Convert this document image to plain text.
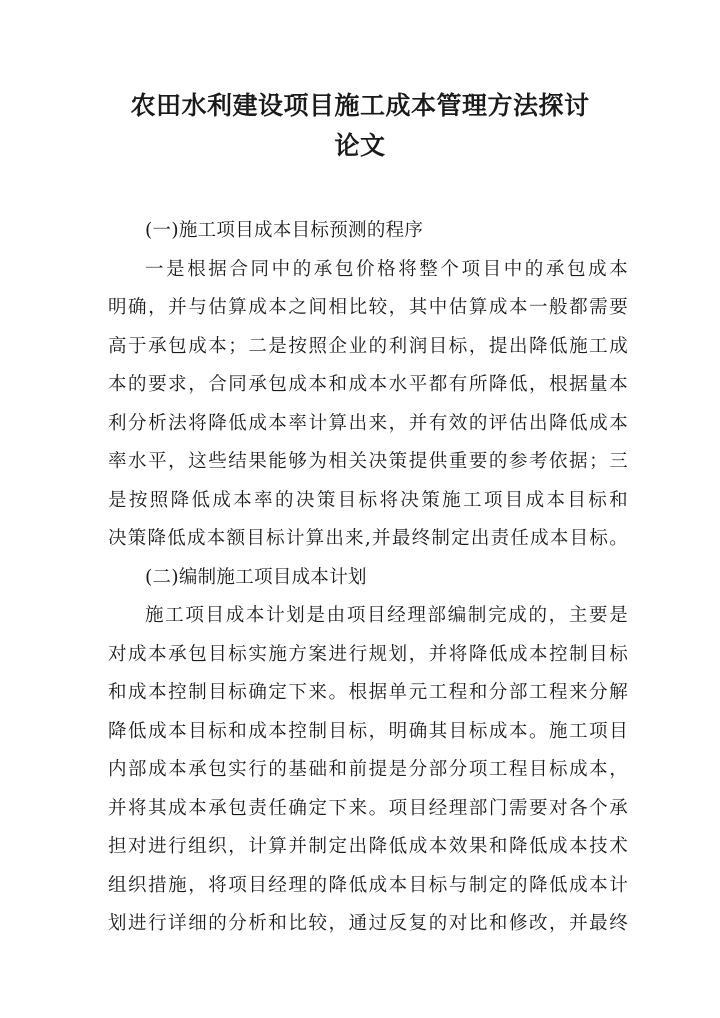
农田水利建设项目施工成本管理方法探讨
论文
(一)施工项目成本目标预测的程序
一是根据合同中的承包价格将整个项目中的承包成本
明确，并与估算成本之间相比较，其中估算成本一般都需要
高于承包成本；二是按照企业的利润目标，提出降低施工成
本的要求，合同承包成本和成本水平都有所降低，根据量本
利分析法将降低成本率计算出来，并有效的评估出降低成本
率水平，这些结果能够为相关决策提供重要的参考依据；三
是按照降低成本率的决策目标将决策施工项目成本目标和
决策降低成本额目标计算出来,并最终制定出责任成本目标。
(二)编制施工项目成本计划
施工项目成本计划是由项目经理部编制完成的，主要是
对成本承包目标实施方案进行规划，并将降低成本控制目标
和成本控制目标确定下来。根据单元工程和分部工程来分解
降低成本目标和成本控制目标，明确其目标成本。施工项目
内部成本承包实行的基础和前提是分部分项工程目标成本，
并将其成本承包责任确定下来。项目经理部门需要对各个承
担对进行组织，计算并制定出降低成本效果和降低成本技术
组织措施，将项目经理的降低成本目标与制定的降低成本计
划进行详细的分析和比较，通过反复的对比和修改，并最终
